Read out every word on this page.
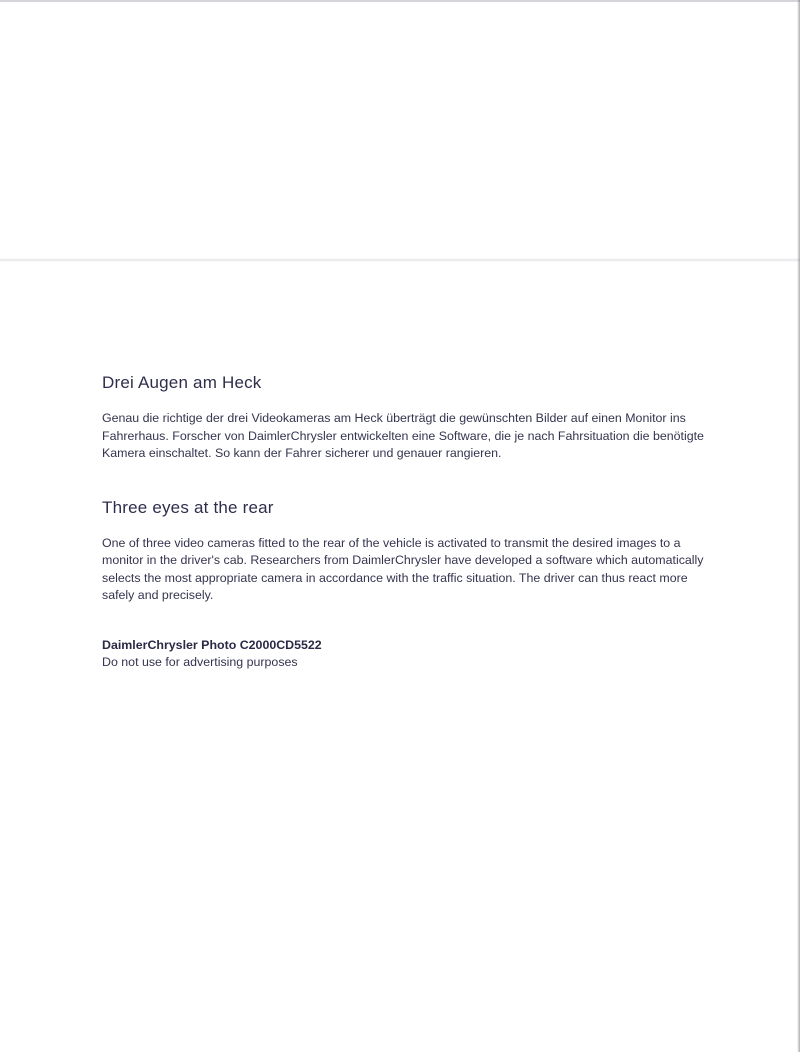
Drei Augen am Heck

Genau die richtige der drei Videokameras am Heck überträgt die gewünschten Bilder auf einen Monitor ins Fahrerhaus. Forscher von DaimlerChrysler entwickelten eine Software, die je nach Fahrsituation die benötigte Kamera einschaltet. So kann der Fahrer sicherer und genauer rangieren.

Three eyes at the rear

One of three video cameras fitted to the rear of the vehicle is activated to transmit the desired images to a monitor in the driver's cab. Researchers from DaimlerChrysler have developed a software which automatically selects the most appropriate camera in accordance with the traffic situation. The driver can thus react more safely and precisely.

DaimlerChrysler Photo C2000CD5522
Do not use for advertising purposes
